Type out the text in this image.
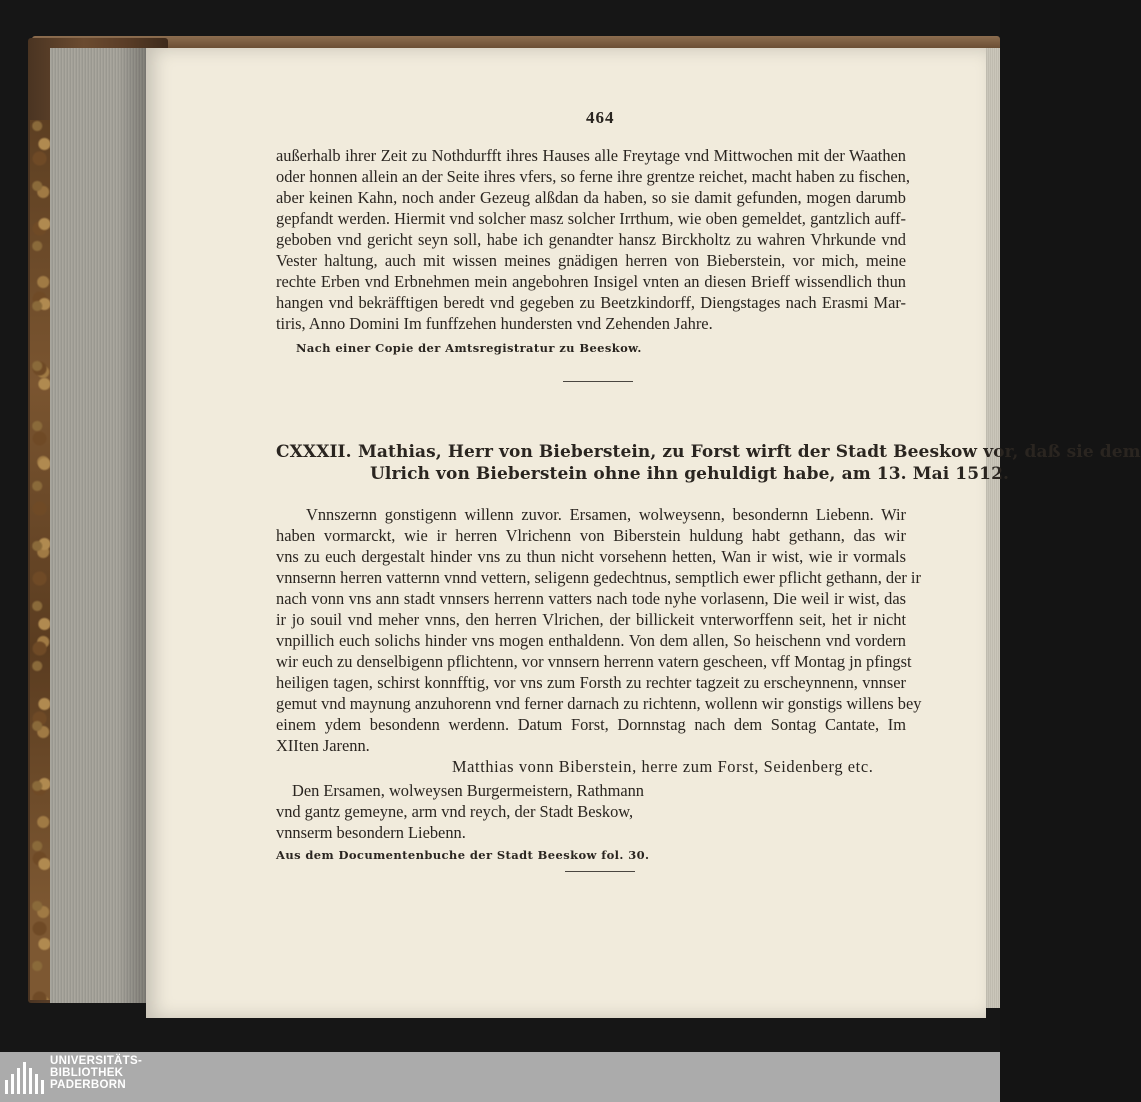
464
außerhalb ihrer Zeit zu Nothdurfft ihres Hauses alle Freytage vnd Mittwochen mit der Waathen
oder honnen allein an der Seite ihres vfers, so ferne ihre grentze reichet, macht haben zu fischen,
aber keinen Kahn, noch ander Gezeug alßdan da haben, so sie damit gefunden, mogen darumb
gepfandt werden. Hiermit vnd solcher masz solcher Irrthum, wie oben gemeldet, gantzlich auff-
geboben vnd gericht seyn soll, habe ich genandter hansz Birckholtz zu wahren Vhrkunde vnd
Vester haltung, auch mit wissen meines gnädigen herren von Bieberstein, vor mich, meine
rechte Erben vnd Erbnehmen mein angebohren Insigel vnten an diesen Brieff wissendlich thun
hangen vnd bekräfftigen beredt vnd gegeben zu Beetzkindorff, Diengstages nach Erasmi Mar-
tiris, Anno Domini Im funffzehen hundersten vnd Zehenden Jahre.
Nach einer Copie der Amtsregistratur zu Beeskow.
CXXXII. Mathias, Herr von Bieberstein, zu Forst wirft der Stadt Beeskow vor, daß sie dem
Ulrich von Bieberstein ohne ihn gehuldigt habe, am 13. Mai 1512.
Vnnszernn gonstigenn willenn zuvor. Ersamen, wolweysenn, besondernn Liebenn. Wir
haben vormarckt, wie ir herren Vlrichenn von Biberstein huldung habt gethann, das wir
vns zu euch dergestalt hinder vns zu thun nicht vorsehenn hetten, Wan ir wist, wie ir vormals
vnnsernn herren vatternn vnnd vettern, seligenn gedechtnus, semptlich ewer pflicht gethann, der ir
nach vonn vns ann stadt vnnsers herrenn vatters nach tode nyhe vorlasenn, Die weil ir wist, das
ir jo souil vnd meher vnns, den herren Vlrichen, der billickeit vnterworffenn seit, het ir nicht
vnpillich euch solichs hinder vns mogen enthaldenn. Von dem allen, So heischenn vnd vordern
wir euch zu denselbigenn pflichtenn, vor vnnsern herrenn vatern gescheen, vff Montag jn pfingst
heiligen tagen, schirst konnfftig, vor vns zum Forsth zu rechter tagzeit zu erscheynnenn, vnnser
gemut vnd maynung anzuhorenn vnd ferner darnach zu richtenn, wollenn wir gonstigs willens bey
einem ydem besondenn werdenn. Datum Forst, Dornnstag nach dem Sontag Cantate, Im
XIIten Jarenn.
Matthias vonn Biberstein, herre zum Forst, Seidenberg etc.
Den Ersamen, wolweysen Burgermeistern, Rathmann
vnd gantz gemeyne, arm vnd reych, der Stadt Beskow,
vnnserm besondern Liebenn.
Aus dem Documentenbuche der Stadt Beeskow fol. 30.
UNIVERSITÄTS-
BIBLIOTHEK
PADERBORN
